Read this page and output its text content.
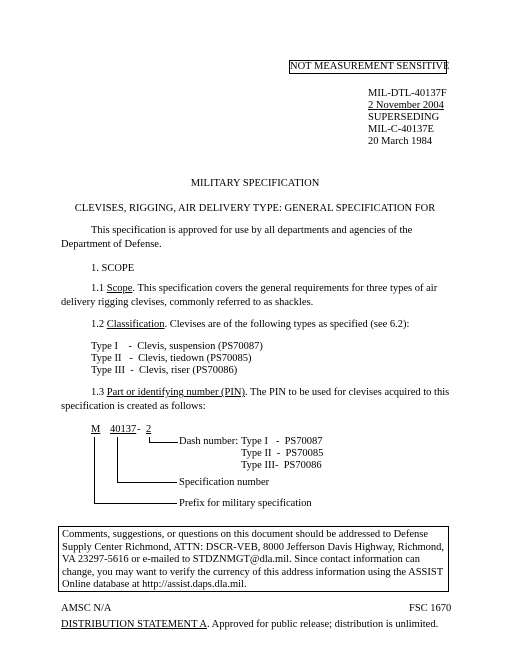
NOT MEASUREMENT SENSITIVE
MIL-DTL-40137F
2 November 2004
SUPERSEDING
MIL-C-40137E
20 March 1984
MILITARY SPECIFICATION
CLEVISES, RIGGING, AIR DELIVERY TYPE: GENERAL SPECIFICATION FOR
This specification is approved for use by all departments and agencies of the Department of Defense.
1. SCOPE
1.1 Scope. This specification covers the general requirements for three types of air delivery rigging clevises, commonly referred to as shackles.
1.2 Classification. Clevises are of the following types as specified (see 6.2):
Type I    -  Clevis, suspension (PS70087)
Type II   -  Clevis, tiedown (PS70085)
Type III  -  Clevis, riser (PS70086)
1.3 Part or identifying number (PIN). The PIN to be used for clevises acquired to this specification is created as follows:
M 40137 - 2
Dash number: Type I   -  PS70087
Type II  -  PS70085
Type III-  PS70086
Specification number
Prefix for military specification
Comments, suggestions, or questions on this document should be addressed to Defense Supply Center Richmond, ATTN: DSCR-VEB, 8000 Jefferson Davis Highway, Richmond, VA 23297-5616 or e-mailed to STDZNMGT@dla.mil. Since contact information can change, you may want to verify the currency of this address information using the ASSIST Online database at http://assist.daps.dla.mil.
AMSC N/A	FSC 1670
DISTRIBUTION STATEMENT A. Approved for public release; distribution is unlimited.
